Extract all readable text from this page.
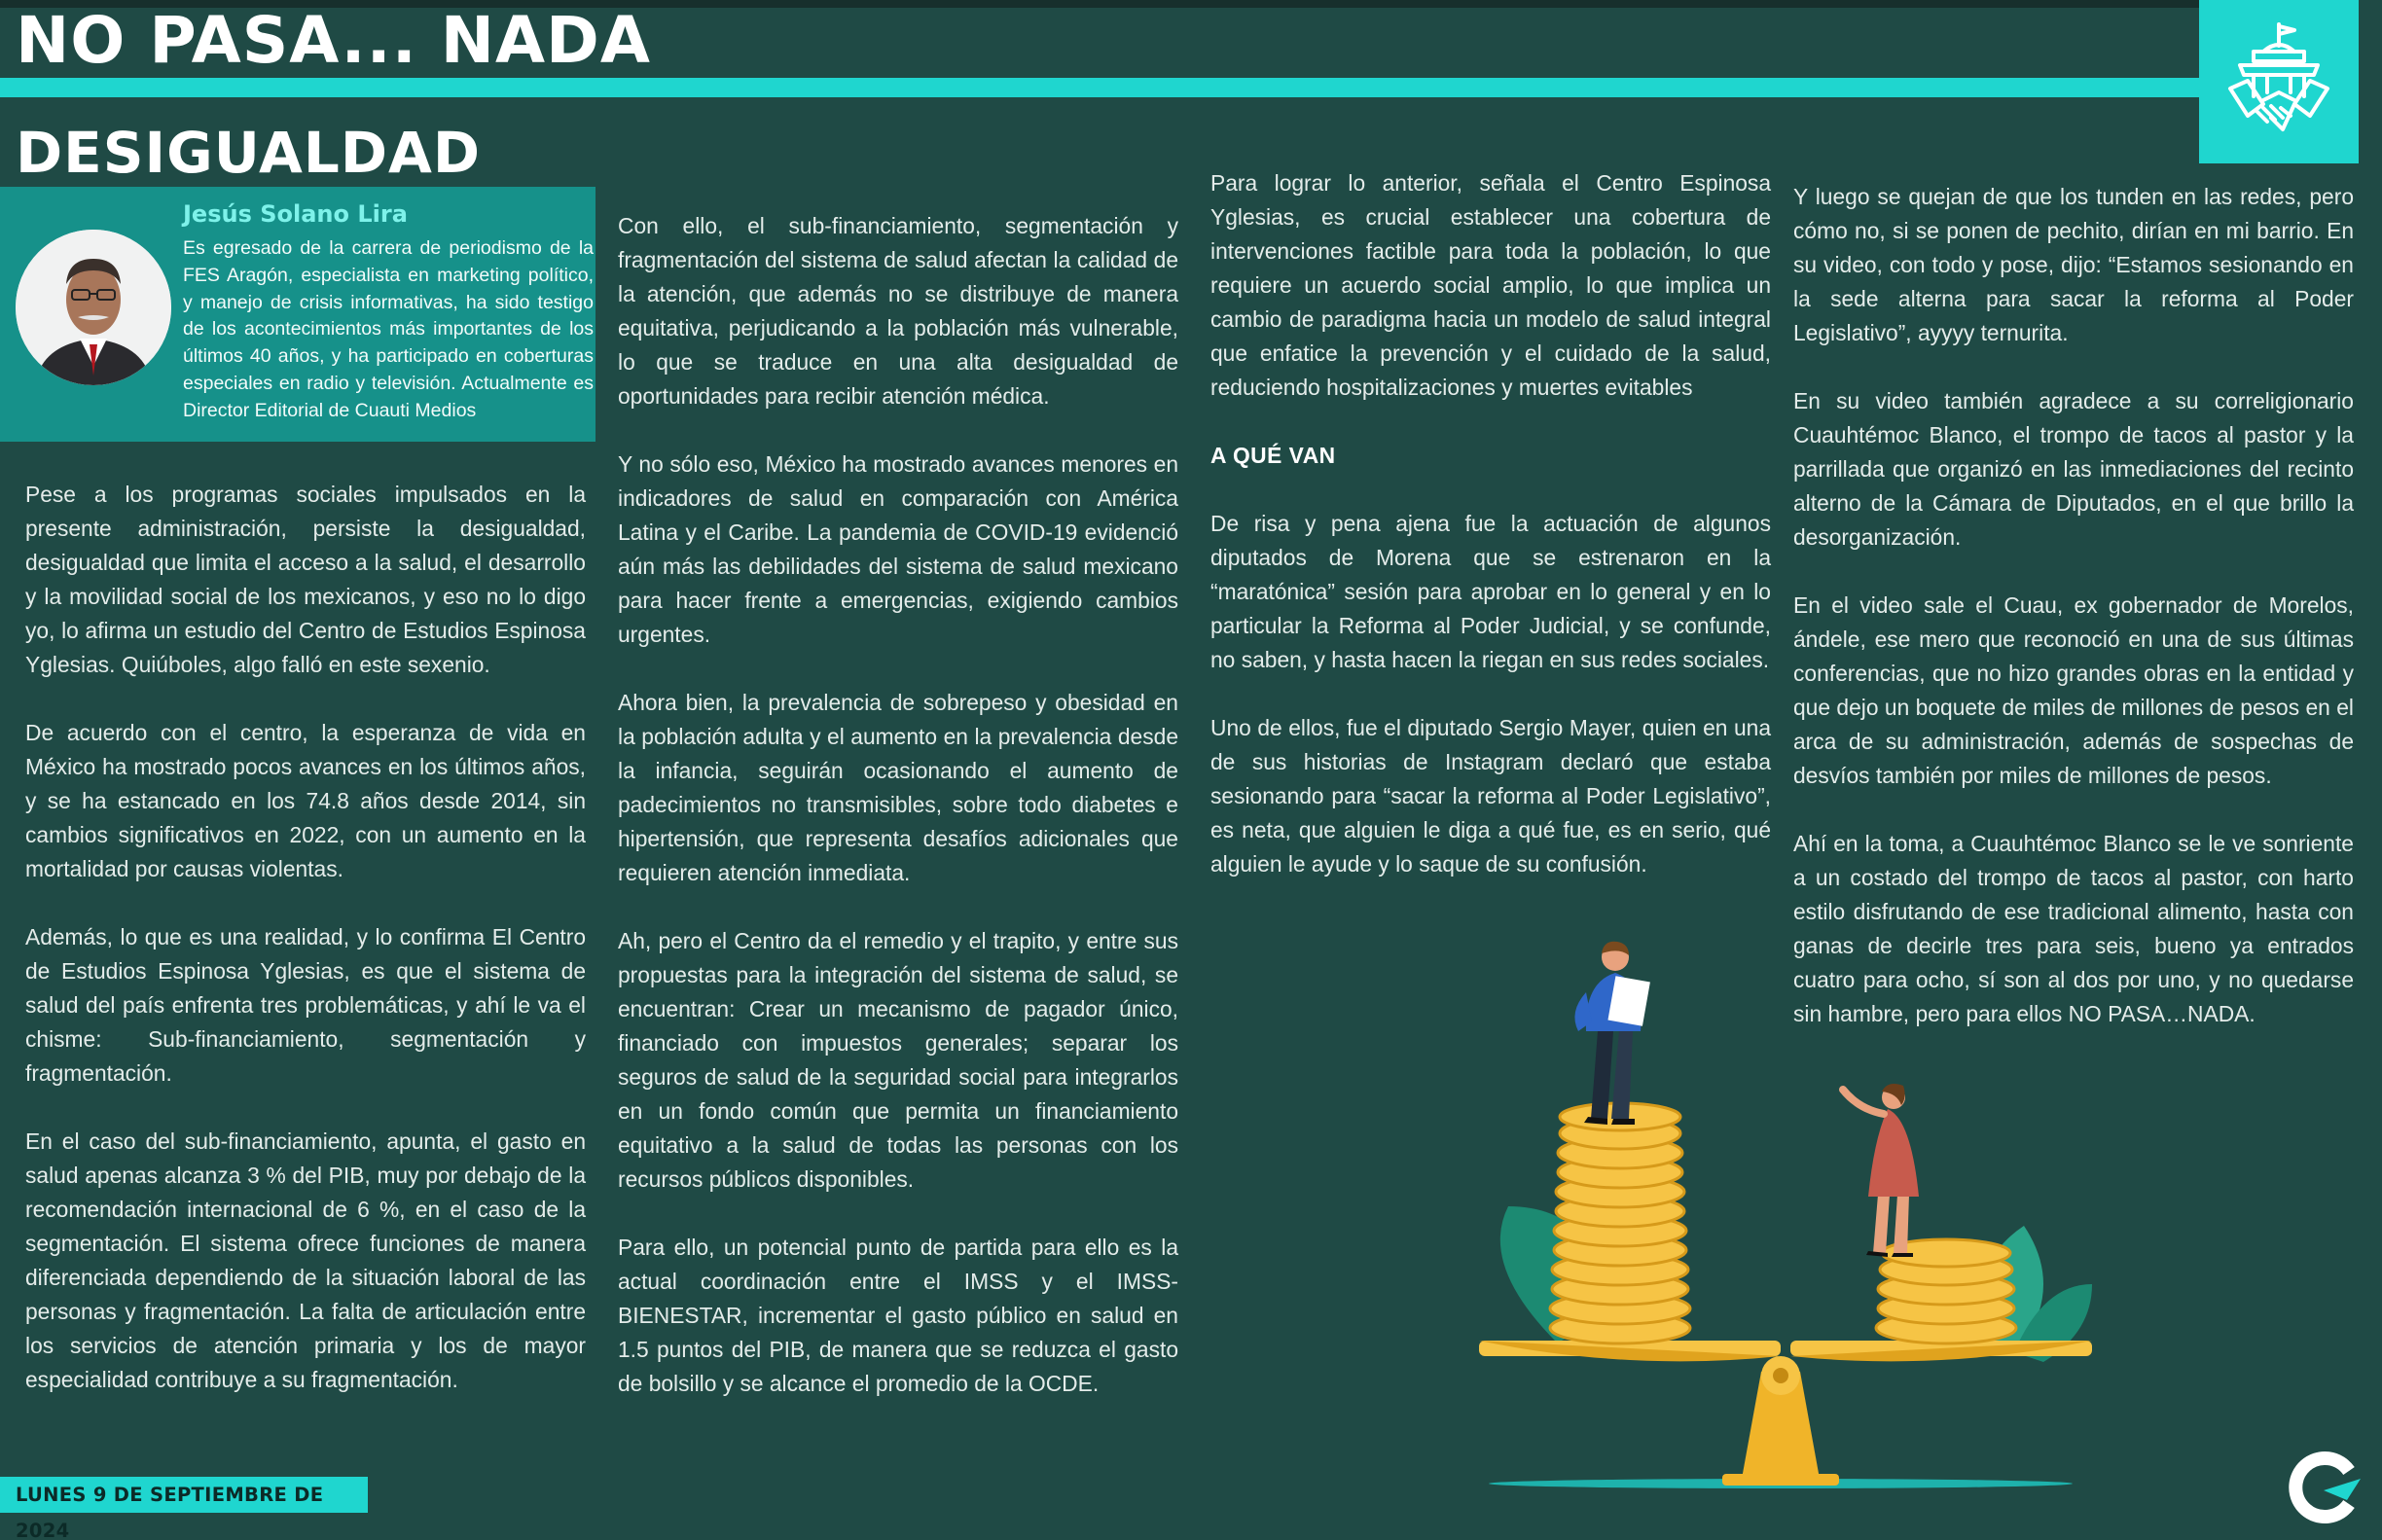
NO PASA... NADA
DESIGUALDAD
Jesús Solano Lira
Es egresado de la carrera de periodismo de la FES Aragón, especialista en marketing político, y manejo de crisis informativas, ha sido testigo de los acontecimientos más importantes de los últimos 40 años, y ha participado en coberturas especiales en radio y televisión. Actualmente es Director Editorial de Cuauti Medios

Pese a los programas sociales impulsados en la presente administración, persiste la desigualdad, desigualdad que limita el acceso a la salud, el desarrollo y la movilidad social de los mexicanos, y eso no lo digo yo, lo afirma un estudio del Centro de Estudios Espinosa Yglesias. Quiúboles, algo falló en este sexenio.

De acuerdo con el centro, la esperanza de vida en México ha mostrado pocos avances en los últimos años, y se ha estancado en los 74.8 años desde 2014, sin cambios significativos en 2022, con un aumento en la mortalidad por causas violentas.

Además, lo que es una realidad, y lo confirma El Centro de Estudios Espinosa Yglesias, es que el sistema de salud del país enfrenta tres problemáticas, y ahí le va el chisme: Sub-financiamiento, segmentación y fragmentación.

En el caso del sub-financiamiento, apunta, el gasto en salud apenas alcanza 3 % del PIB, muy por debajo de la recomendación internacional de 6 %, en el caso de la segmentación. El sistema ofrece funciones de manera diferenciada dependiendo de la situación laboral de las personas y fragmentación. La falta de articulación entre los servicios de atención primaria y los de mayor especialidad contribuye a su fragmentación.

Con ello, el sub-financiamiento, segmentación y fragmentación del sistema de salud afectan la calidad de la atención, que además no se distribuye de manera equitativa, perjudicando a la población más vulnerable, lo que se traduce en una alta desigualdad de oportunidades para recibir atención médica.

Y no sólo eso, México ha mostrado avances menores en indicadores de salud en comparación con América Latina y el Caribe. La pandemia de COVID-19 evidenció aún más las debilidades del sistema de salud mexicano para hacer frente a emergencias, exigiendo cambios urgentes.

Ahora bien, la prevalencia de sobrepeso y obesidad en la población adulta y el aumento en la prevalencia desde la infancia, seguirán ocasionando el aumento de padecimientos no transmisibles, sobre todo diabetes e hipertensión, que representa desafíos adicionales que requieren atención inmediata.

Ah, pero el Centro da el remedio y el trapito, y entre sus propuestas para la integración del sistema de salud, se encuentran: Crear un mecanismo de pagador único, financiado con impuestos generales; separar los seguros de salud de la seguridad social para integrarlos en un fondo común que permita un financiamiento equitativo a la salud de todas las personas con los recursos públicos disponibles.

Para ello, un potencial punto de partida para ello es la actual coordinación entre el IMSS y el IMSS-BIENESTAR, incrementar el gasto público en salud en 1.5 puntos del PIB, de manera que se reduzca el gasto de bolsillo y se alcance el promedio de la OCDE.

Para lograr lo anterior, señala el Centro Espinosa Yglesias, es crucial establecer una cobertura de intervenciones factible para toda la población, lo que requiere un acuerdo social amplio, lo que implica un cambio de paradigma hacia un modelo de salud integral que enfatice la prevención y el cuidado de la salud, reduciendo hospitalizaciones y muertes evitables

A QUÉ VAN

De risa y pena ajena fue la actuación de algunos diputados de Morena que se estrenaron en la “maratónica” sesión para aprobar en lo general y en lo particular la Reforma al Poder Judicial, y se confunde, no saben, y hasta hacen la riegan en sus redes sociales.

Uno de ellos, fue el diputado Sergio Mayer, quien en una de sus historias de Instagram declaró que estaba sesionando para “sacar la reforma al Poder Legislativo”, es neta, que alguien le diga a qué fue, es en serio, qué alguien le ayude y lo saque de su confusión.

Y luego se quejan de que los tunden en las redes, pero cómo no, si se ponen de pechito, dirían en mi barrio. En su video, con todo y pose, dijo: “Estamos sesionando en la sede alterna para sacar la reforma al Poder Legislativo”, ayyyy ternurita.

En su video también agradece a su correligionario Cuauhtémoc Blanco, el trompo de tacos al pastor y la parrillada que organizó en las inmediaciones del recinto alterno de la Cámara de Diputados, en el que brillo la desorganización.

En el video sale el Cuau, ex gobernador de Morelos, ándele, ese mero que reconoció en una de sus últimas conferencias, que no hizo grandes obras en la entidad y que dejo un boquete de miles de millones de pesos en el arca de su administración, además de sospechas de desvíos también por miles de millones de pesos.

Ahí en la toma, a Cuauhtémoc Blanco se le ve sonriente a un costado del trompo de tacos al pastor, con harto estilo disfrutando de ese tradicional alimento, hasta con ganas de decirle tres para seis, bueno ya entrados cuatro para ocho, sí son al dos por uno, y no quedarse sin hambre, pero para ellos NO PASA…NADA.

LUNES 9 DE SEPTIEMBRE DE 2024
